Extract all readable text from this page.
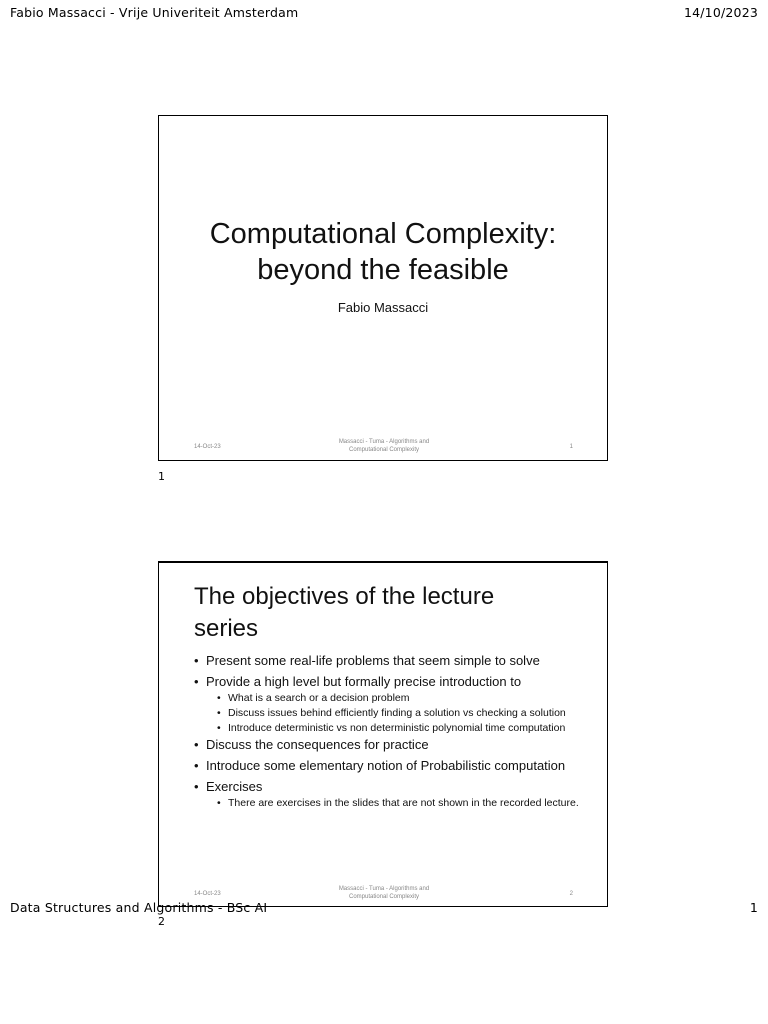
Fabio Massacci - Vrije Univeriteit Amsterdam	14/10/2023
Computational Complexity:
beyond the feasible
Fabio Massacci
14-Oct-23
Massacci - Tuma - Algorithms and
Computational Complexity	1
1
The objectives of the lecture
series
• Present some real-life problems that seem simple to solve
• Provide a high level but formally precise introduction to
• What is a search or a decision problem
• Discuss issues behind efficiently finding a solution vs checking a solution
• Introduce deterministic vs non deterministic polynomial time computation
• Discuss the consequences for practice
• Introduce some elementary notion of Probabilistic computation
• Exercises
• There are exercises in the slides that are not shown in the recorded lecture.
14-Oct-23
Massacci - Tuma - Algorithms and
Computational Complexity	2
Data Structures and Algorithms - BSc AI	1
2
